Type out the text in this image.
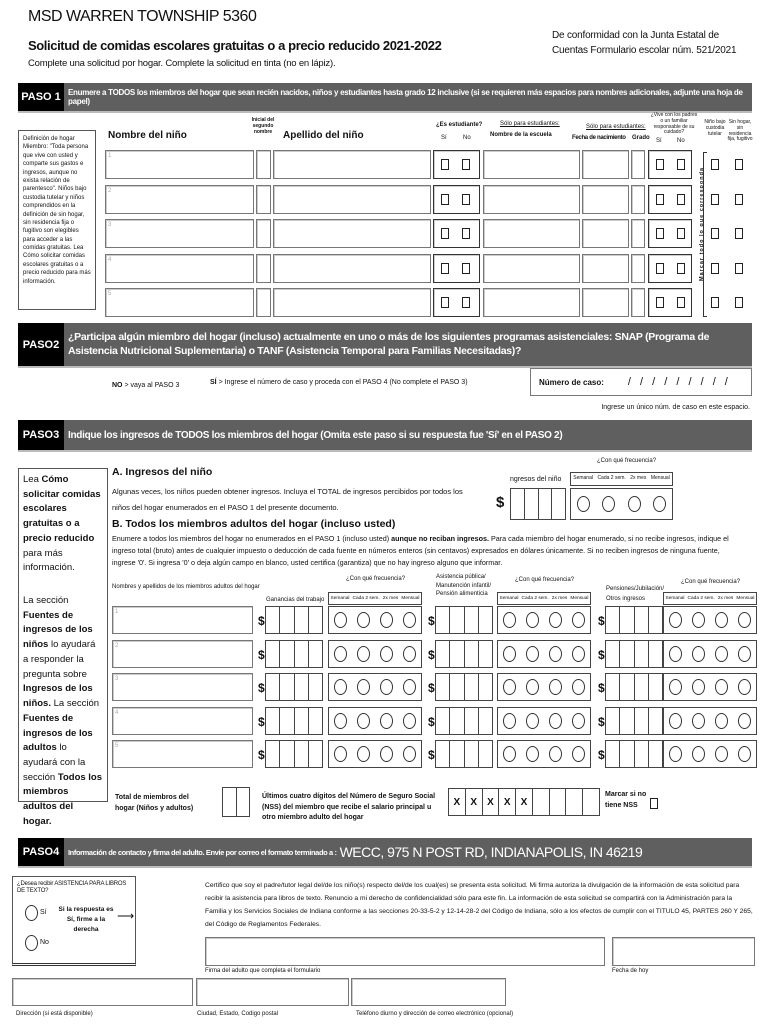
MSD WARREN TOWNSHIP 5360
Solicitud de comidas escolares gratuitas o a precio reducido 2021-2022
Complete una solicitud por hogar. Complete la solicitud en tinta (no en lápiz).
De conformidad con la Junta Estatal de
Cuentas Formulario escolar núm. 521/2021
PASO 1 Enumere a TODOS los miembros del hogar que sean recién nacidos, niños y estudiantes hasta grado 12 inclusive (si se requieren más espacios para nombres adicionales, adjunte una hoja de papel)
Definición de hogar Miembro: "Toda persona que vive con usted y comparte sus gastos e ingresos, aunque no exista relación de parentesco". Niños bajo custodia tutelar y niños comprendidos en la definición de sin hogar, sin residencia fija o fugitivo son elegibles para acceder a las comidas gratuitas. Lea Cómo solicitar comidas escolares gratuitas o a precio reducido para más información.
Nombre del niño
Inicial del segundo nombre	Apellido del niño
¿Es estudiante?
Sí	No
Sólo para estudiantes:
Nombre de la escuela
Sólo para estudiantes:
Fecha de nacimiento Grado
¿Vive con los padres o un familiar responsable de su cuidado?
Sí	No
Niño bajo custodia tutelar
Sin hogar, sin residencia fija, fugitivo
Marcar todo lo que corresponda
1
2
3
4
5
PASO2
¿Participa algún miembro del hogar (incluso) actualmente en uno o más de los siguientes programas asistenciales: SNAP (Programa de Asistencia Nutricional Suplementaria) o TANF (Asistencia Temporal para Familias Necesitadas)?
NO > vaya al PASO 3	SÍ > Ingrese el número de caso y proceda con el PASO 4 (No complete el PASO 3)	Número de caso: / / / / / / / / /
Ingrese un único núm. de caso en este espacio.
PASO3 Indique los ingresos de TODOS los miembros del hogar (Omita este paso si su respuesta fue 'Sí' en el PASO 2)
Lea Cómo solicitar comidas escolares gratuitas o a precio reducido para más información.
La sección Fuentes de ingresos de los niños lo ayudará a responder la pregunta sobre Ingresos de los niños. La sección Fuentes de ingresos de los adultos lo ayudará con la sección Todos los miembros adultos del hogar.
A. Ingresos del niño
Algunas veces, los niños pueden obtener ingresos. Incluya el TOTAL de ingresos percibidos por todos los niños del hogar enumerados en el PASO 1 del presente documento.
ngresos del niño
$
¿Con qué frecuencia?
Semanal Cada 2 sem. 2x mes Mensual
B. Todos los miembros adultos del hogar (incluso usted)
Enumere a todos los miembros del hogar no enumerados en el PASO 1 (incluso usted) aunque no reciban ingresos. Para cada miembro del hogar enumerado, si no recibe ingresos, indique el ingreso total (bruto) antes de cualquier impuesto o deducción de cada fuente en números enteros (sin centavos) expresados en dólares únicamente. Si no reciben ingresos de ninguna fuente, ingrese '0'. Si ingresa '0' o deja algún campo en blanco, usted certifica (garantiza) que no hay ingreso alguno que informar.
Nombres y apellidos de los miembros adultos del hogar
Ganancias del trabajo
Asistencia pública/ Manutención infantil/ Pensión alimenticia
Pensiones/Jubilación/ Otros ingresos
¿Con qué frecuencia?
Semanal Cada 2 sem. 2x mes Mensual
¿Con qué frecuencia?
Semanal Cada 2 sem. 2x mes Mensual
¿Con qué frecuencia?
Semanal Cada 2 sem. 2x mes Mensual
1
$	$	$
2
$	$	$
3
$	$	$
4
$	$	$
5
$	$	$
Total de miembros del hogar (Niños y adultos)
Últimos cuatro dígitos del Número de Seguro Social (NSS) del miembro que recibe el salario principal u otro miembro adulto del hogar
X	X	X	X	X
Marcar si no tiene NSS
PASO4	Información de contacto y firma del adulto. Envíe por correo el formato terminado a : WECC, 975 N POST RD, INDIANAPOLIS, IN 46219
¿Desea recibir ASISTENCIA PARA LIBROS DE TEXTO?
Sí
No
Si la respuesta es Sí, firme a la derecha
⟶
Certifico que soy el padre/tutor legal del/de los niño(s) respecto del/de los cual(es) se presenta esta solicitud. Mi firma autoriza la divulgación de la información de esta solicitud para recibir la asistencia para libros de texto. Renuncio a mi derecho de confidencialidad sólo para este fin. La información de esta solicitud se compartirá con la Administración para la Familia y los Servicios Sociales de Indiana conforme a las secciones 20-33-5-2 y 12-14-28-2 del Código de Indiana, sólo a los efectos de cumplir con el TITULO 45, PARTES 260 Y 265, del Código de Reglamentos Federales.
Firma del adulto que completa el formulario	Fecha de hoy
Dirección (si está disponible)	Ciudad, Estado, Codigo postal	Teléfono diurno y dirección de correo electrónico (opcional)
